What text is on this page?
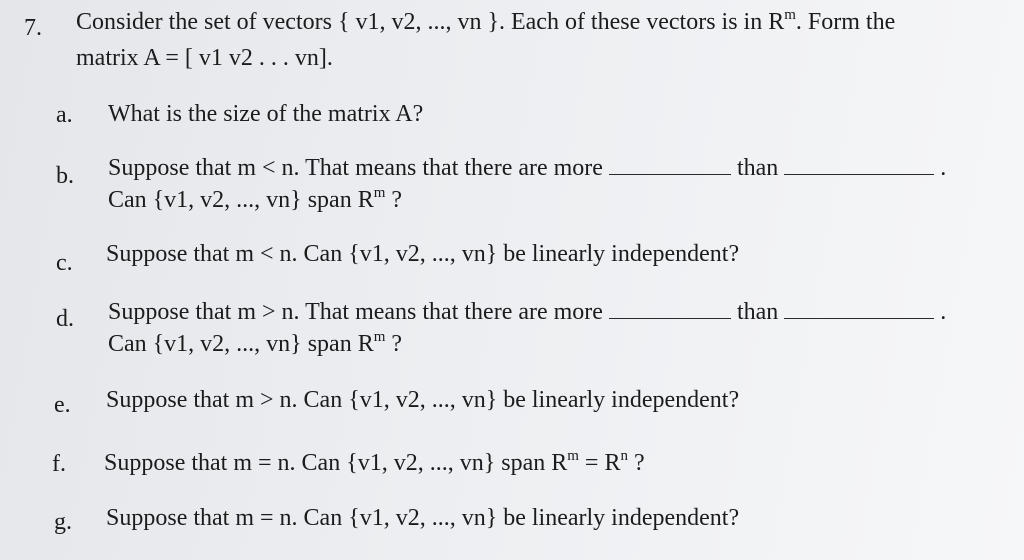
7. Consider the set of vectors { v1, v2, ..., vn }. Each of these vectors is in $R^m$. Form the
matrix A = [ v1 v2 . . . vn].
a. What is the size of the matrix A?
b. Suppose that m < n. That means that there are more	than	.
Can {v1, v2, ..., vn} span $R^m$ ?
c. Suppose that m < n. Can {v1, v2, ..., vn} be linearly independent?
d. Suppose that m > n. That means that there are more	than	.
Can {v1, v2, ..., vn} span $R^m$ ?
e. Suppose that m > n. Can {v1, v2, ..., vn} be linearly independent?
f. Suppose that m = n. Can {v1, v2, ..., vn} span $R^m = R^n$ ?
g. Suppose that m = n. Can {v1, v2, ..., vn} be linearly independent?
